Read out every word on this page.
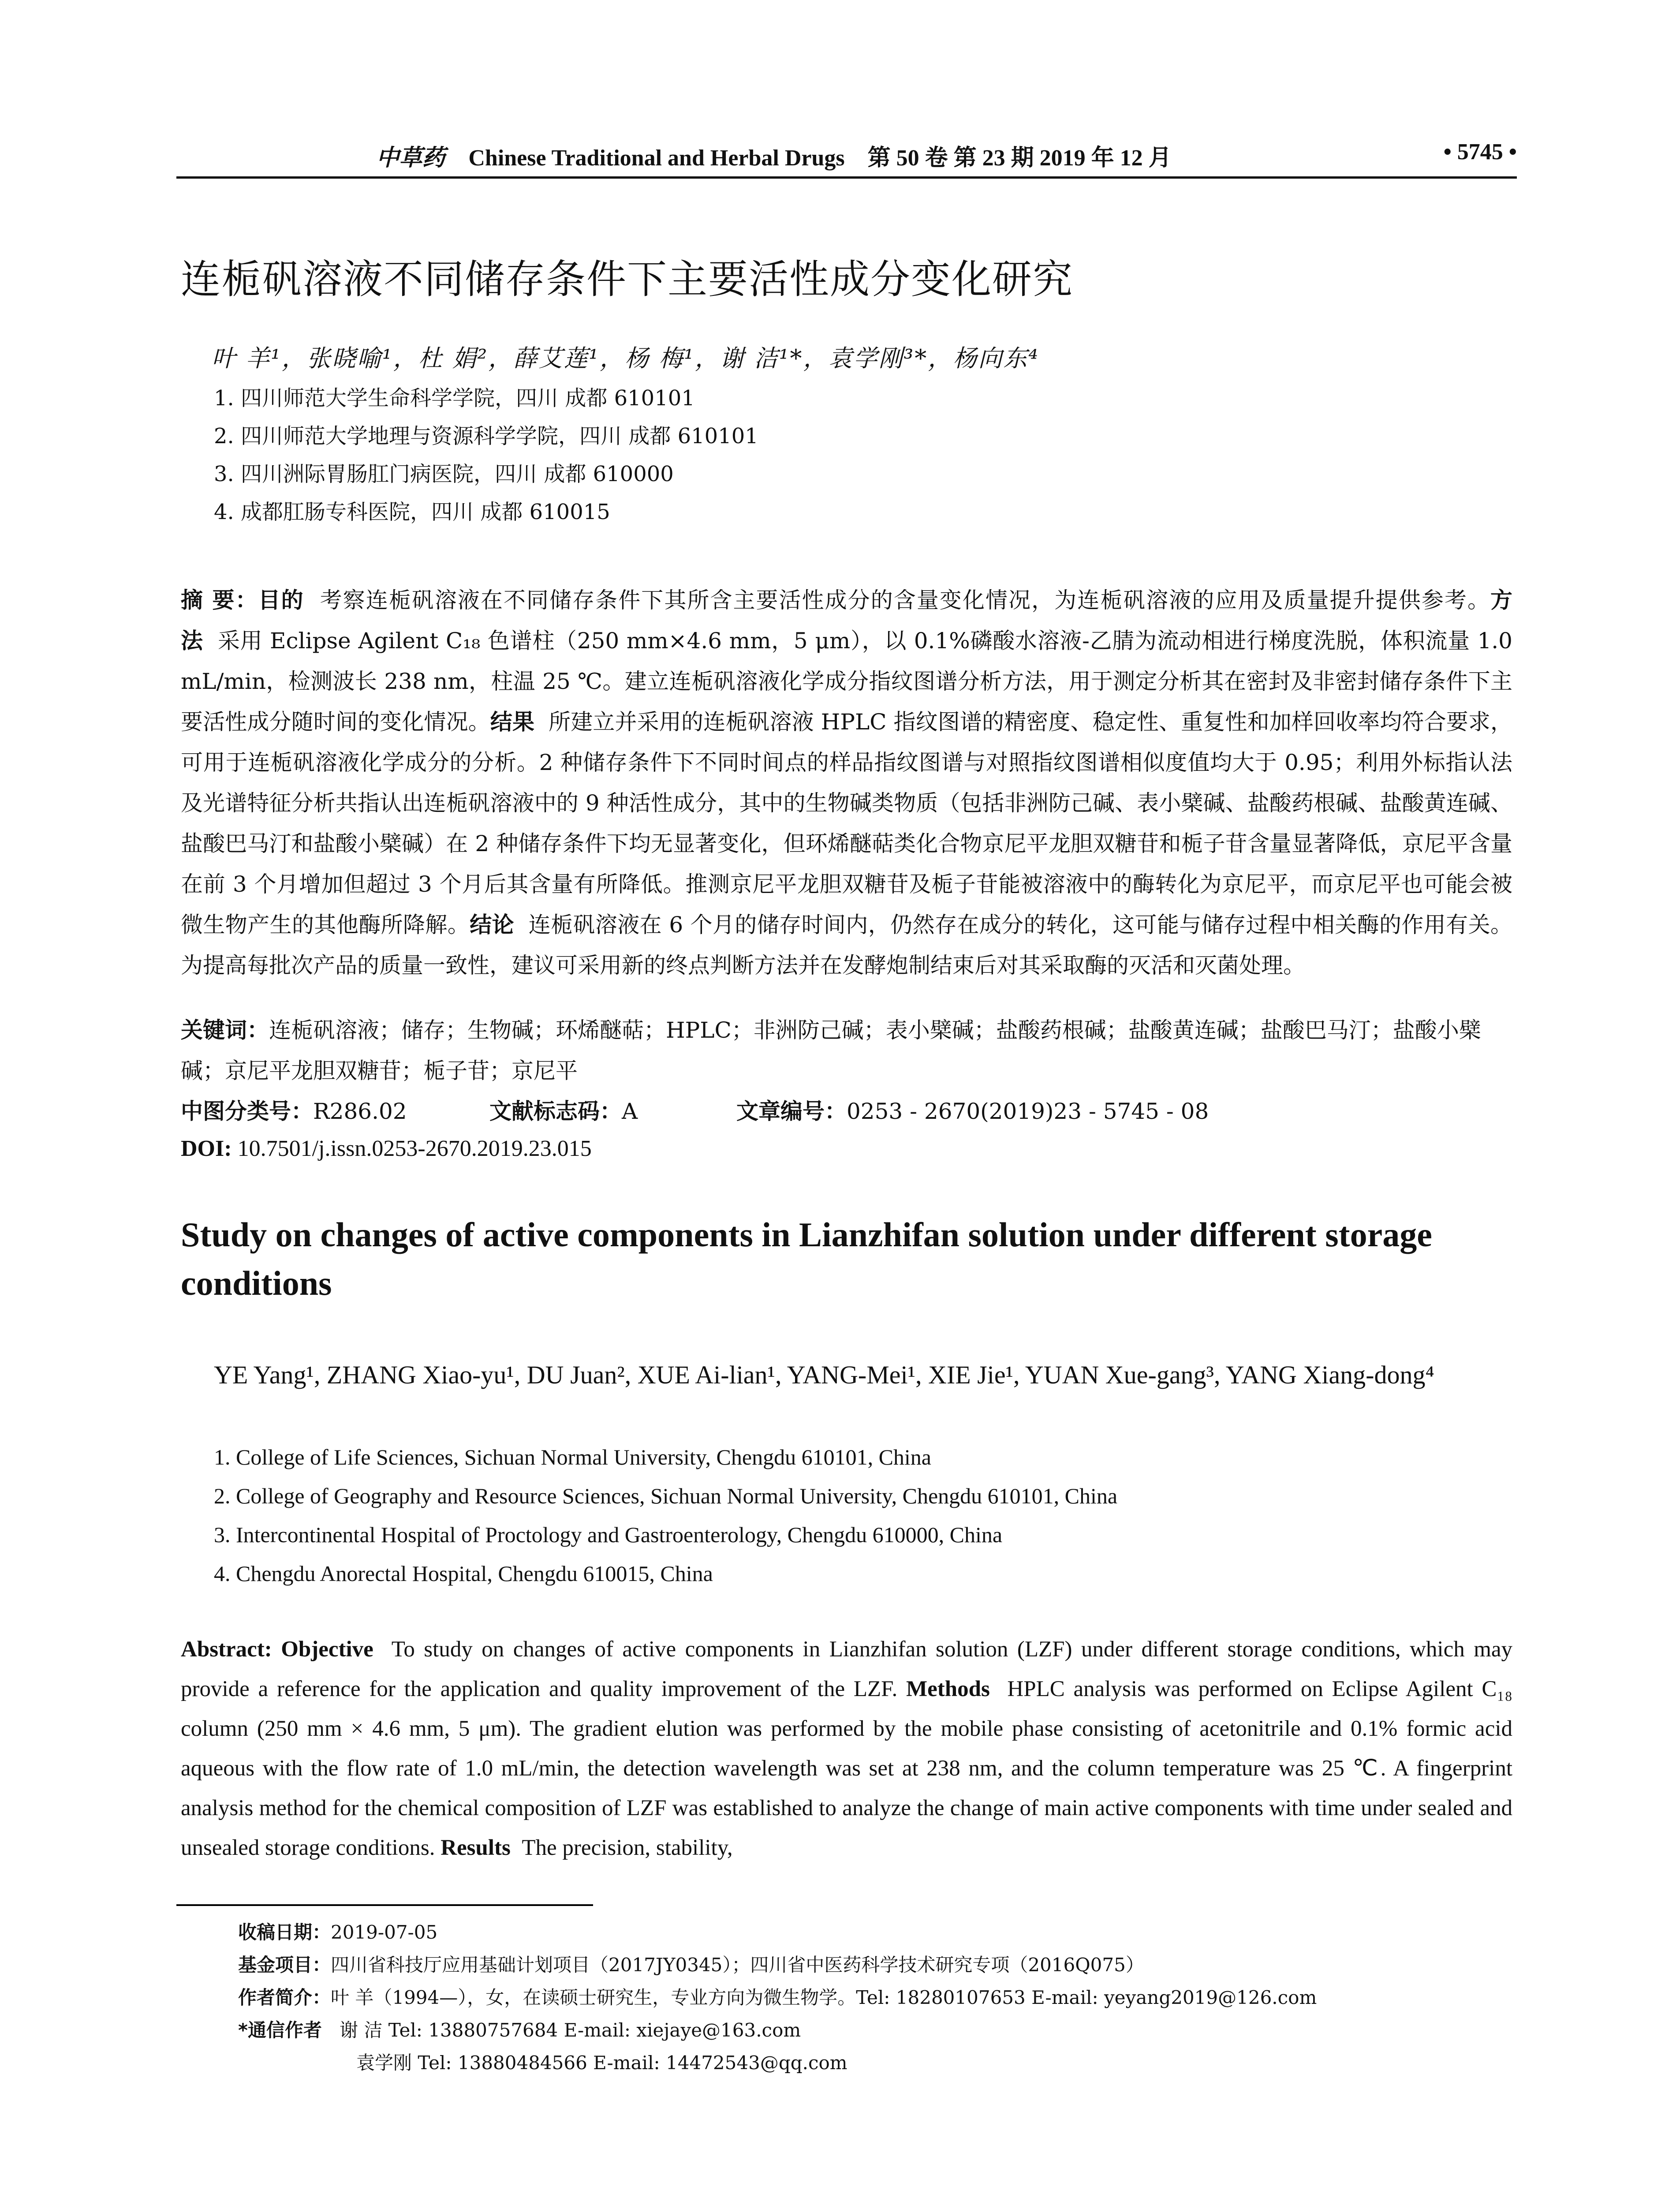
中草药 Chinese Traditional and Herbal Drugs 第 50 卷 第 23 期 2019 年 12 月	• 5745 •
连栀矾溶液不同储存条件下主要活性成分变化研究
叶 羊¹，张晓喻¹，杜 娟²，薛艾莲¹，杨 梅¹，谢 洁¹*，袁学刚³*，杨向东⁴
1. 四川师范大学生命科学学院，四川 成都 610101
2. 四川师范大学地理与资源科学学院，四川 成都 610101
3. 四川洲际胃肠肛门病医院，四川 成都 610000
4. 成都肛肠专科医院，四川 成都 610015
摘 要：目的 考察连栀矾溶液在不同储存条件下其所含主要活性成分的含量变化情况，为连栀矾溶液的应用及质量提升提供参考。方法 采用 Eclipse Agilent C₁₈ 色谱柱（250 mm×4.6 mm，5 μm），以 0.1%磷酸水溶液-乙腈为流动相进行梯度洗脱，体积流量 1.0 mL/min，检测波长 238 nm，柱温 25 ℃。建立连栀矾溶液化学成分指纹图谱分析方法，用于测定分析其在密封及非密封储存条件下主要活性成分随时间的变化情况。结果 所建立并采用的连栀矾溶液 HPLC 指纹图谱的精密度、稳定性、重复性和加样回收率均符合要求，可用于连栀矾溶液化学成分的分析。2 种储存条件下不同时间点的样品指纹图谱与对照指纹图谱相似度值均大于 0.95；利用外标指认法及光谱特征分析共指认出连栀矾溶液中的 9 种活性成分，其中的生物碱类物质（包括非洲防己碱、表小檗碱、盐酸药根碱、盐酸黄连碱、盐酸巴马汀和盐酸小檗碱）在 2 种储存条件下均无显著变化，但环烯醚萜类化合物京尼平龙胆双糖苷和栀子苷含量显著降低，京尼平含量在前 3 个月增加但超过 3 个月后其含量有所降低。推测京尼平龙胆双糖苷及栀子苷能被溶液中的酶转化为京尼平，而京尼平也可能会被微生物产生的其他酶所降解。结论 连栀矾溶液在 6 个月的储存时间内，仍然存在成分的转化，这可能与储存过程中相关酶的作用有关。为提高每批次产品的质量一致性，建议可采用新的终点判断方法并在发酵炮制结束后对其采取酶的灭活和灭菌处理。
关键词：连栀矾溶液；储存；生物碱；环烯醚萜；HPLC；非洲防己碱；表小檗碱；盐酸药根碱；盐酸黄连碱；盐酸巴马汀；盐酸小檗碱；京尼平龙胆双糖苷；栀子苷；京尼平
中图分类号：R286.02	文献标志码：A	文章编号：0253 - 2670(2019)23 - 5745 - 08
DOI: 10.7501/j.issn.0253-2670.2019.23.015
Study on changes of active components in Lianzhifan solution under different storage conditions
YE Yang¹, ZHANG Xiao-yu¹, DU Juan², XUE Ai-lian¹, YANG-Mei¹, XIE Jie¹, YUAN Xue-gang³, YANG Xiang-dong⁴
1. College of Life Sciences, Sichuan Normal University, Chengdu 610101, China
2. College of Geography and Resource Sciences, Sichuan Normal University, Chengdu 610101, China
3. Intercontinental Hospital of Proctology and Gastroenterology, Chengdu 610000, China
4. Chengdu Anorectal Hospital, Chengdu 610015, China
Abstract: Objective To study on changes of active components in Lianzhifan solution (LZF) under different storage conditions, which may provide a reference for the application and quality improvement of the LZF. Methods HPLC analysis was performed on Eclipse Agilent C₁₈ column (250 mm × 4.6 mm, 5 μm). The gradient elution was performed by the mobile phase consisting of acetonitrile and 0.1% formic acid aqueous with the flow rate of 1.0 mL/min, the detection wavelength was set at 238 nm, and the column temperature was 25 ℃. A fingerprint analysis method for the chemical composition of LZF was established to analyze the change of main active components with time under sealed and unsealed storage conditions. Results The precision, stability,
收稿日期：2019-07-05
基金项目：四川省科技厅应用基础计划项目（2017JY0345）；四川省中医药科学技术研究专项（2016Q075）
作者简介：叶 羊（1994—），女，在读硕士研究生，专业方向为微生物学。Tel: 18280107653 E-mail: yeyang2019@126.com
*通信作者 谢 洁 Tel: 13880757684 E-mail: xiejaye@163.com
袁学刚 Tel: 13880484566 E-mail: 14472543@qq.com
